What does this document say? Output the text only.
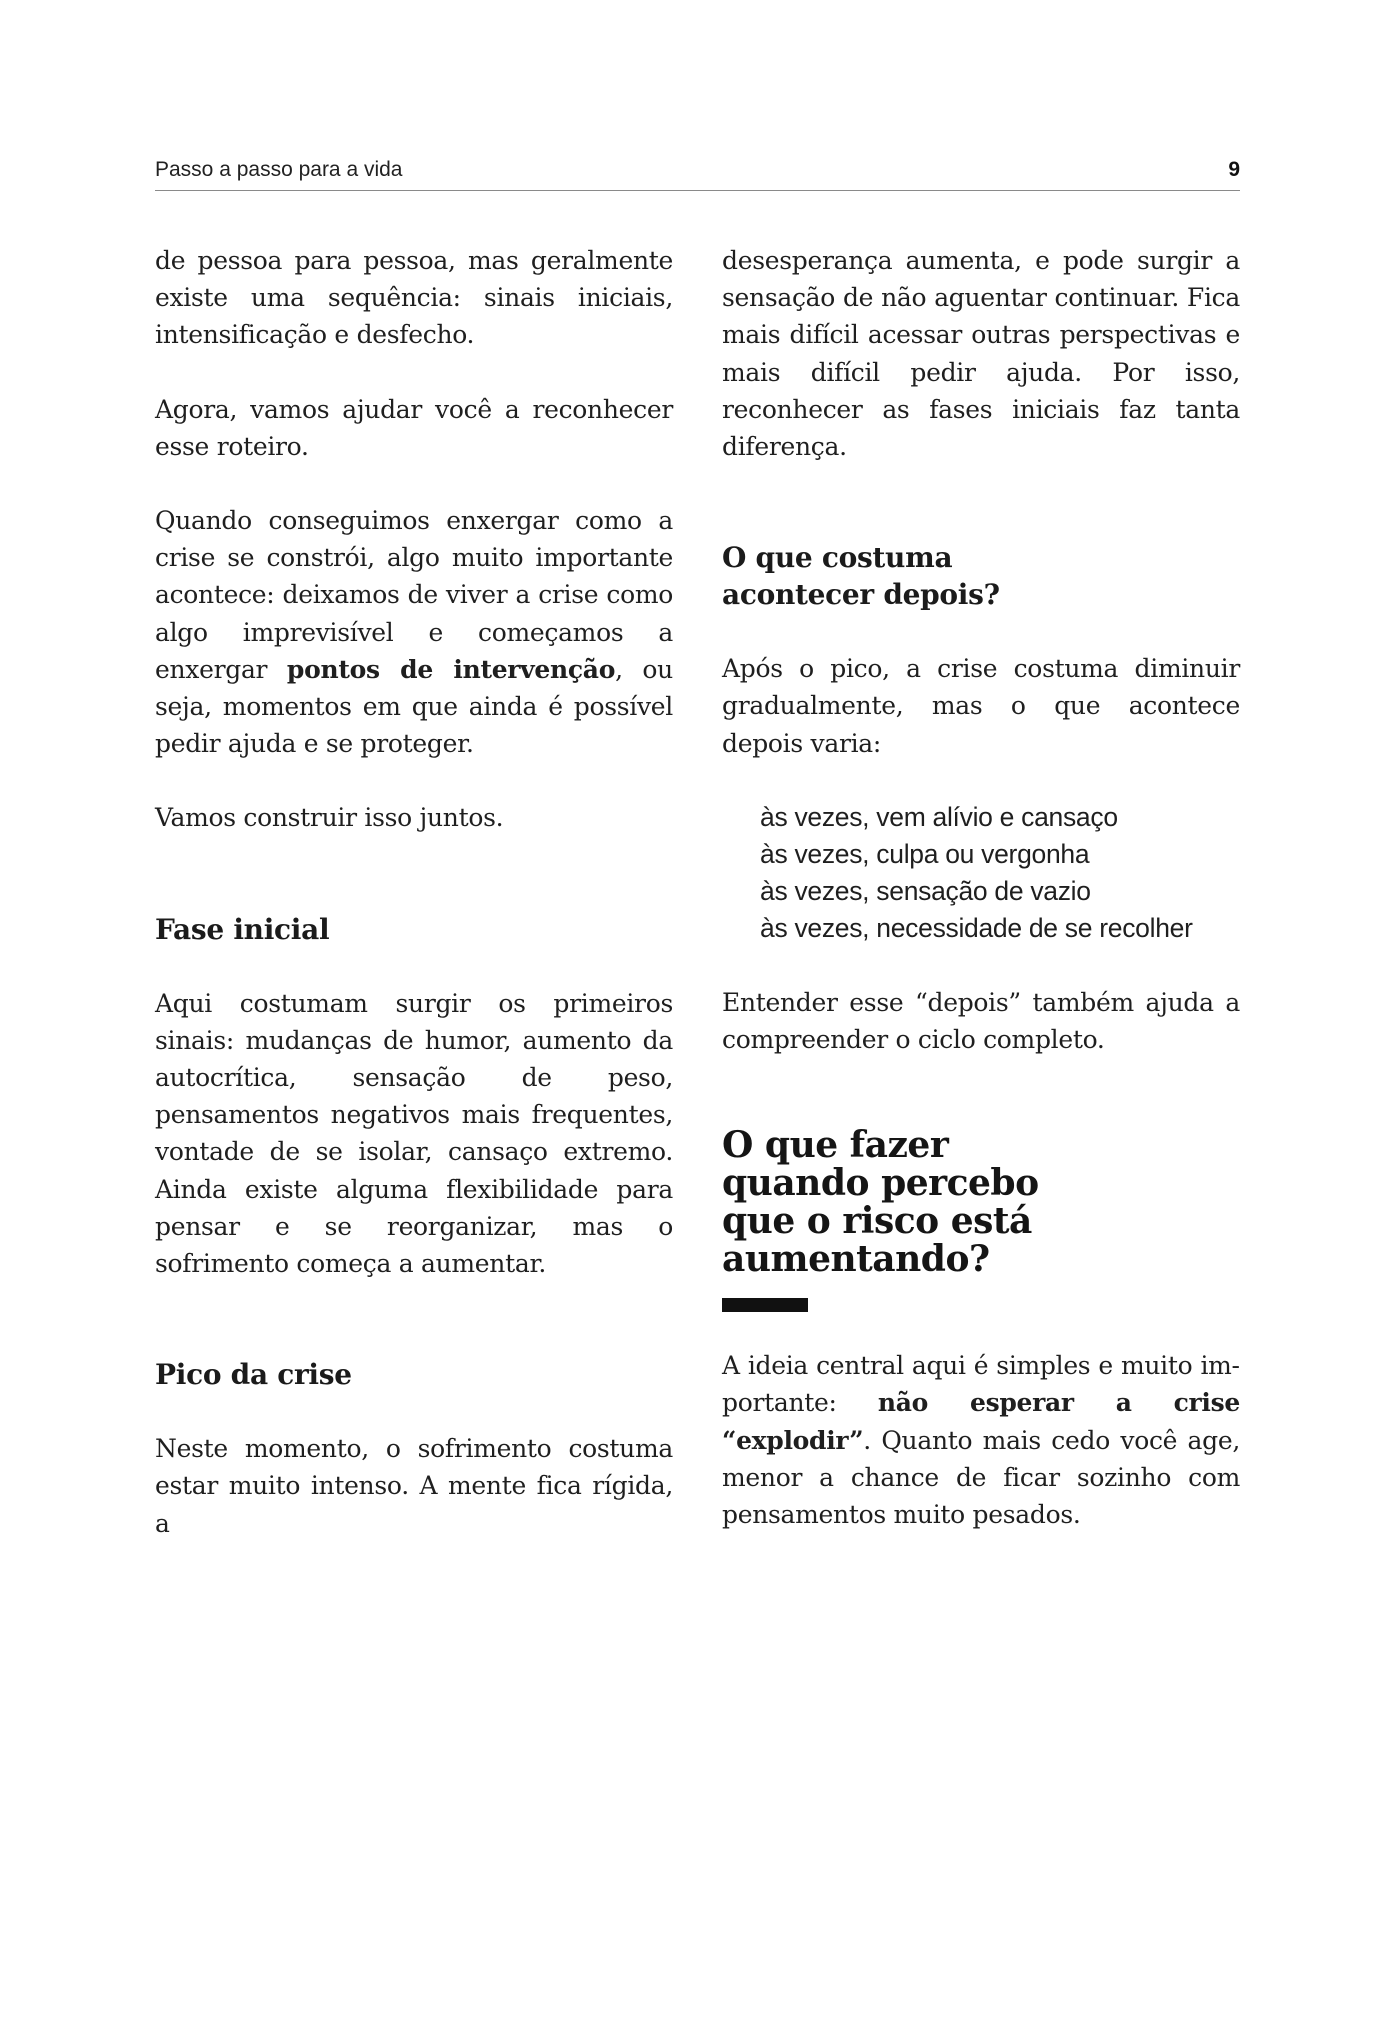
Passo a passo para a vida	9

de pessoa para pessoa, mas geralmente existe uma sequência: sinais iniciais, intensificação e desfecho.

Agora, vamos ajudar você a reconhecer esse roteiro.

Quando conseguimos enxergar como a crise se constrói, algo muito importante acontece: deixamos de viver a crise como algo imprevisível e começamos a enxergar pontos de intervenção, ou seja, momentos em que ainda é possível pedir ajuda e se proteger.

Vamos construir isso juntos.

Fase inicial

Aqui costumam surgir os primeiros sinais: mudanças de humor, aumento da autocrítica, sensação de peso, pensamentos negativos mais frequentes, vontade de se isolar, cansaço extremo. Ainda existe alguma flexibilidade para pensar e se reorganizar, mas o sofrimento começa a aumentar.

Pico da crise

Neste momento, o sofrimento costuma estar muito intenso. A mente fica rígida, a

desesperança aumenta, e pode surgir a sensação de não aguentar continuar. Fica mais difícil acessar outras perspectivas e mais difícil pedir ajuda. Por isso, reconhecer as fases iniciais faz tanta diferença.

O que costuma acontecer depois?

Após o pico, a crise costuma diminuir gradualmente, mas o que acontece depois varia:

às vezes, vem alívio e cansaço
às vezes, culpa ou vergonha
às vezes, sensação de vazio
às vezes, necessidade de se recolher

Entender esse “depois” também ajuda a compreender o ciclo completo.

O que fazer quando percebo que o risco está aumentando?

A ideia central aqui é simples e muito importante: não esperar a crise “explodir”. Quanto mais cedo você age, menor a chance de ficar sozinho com pensamentos muito pesados.
